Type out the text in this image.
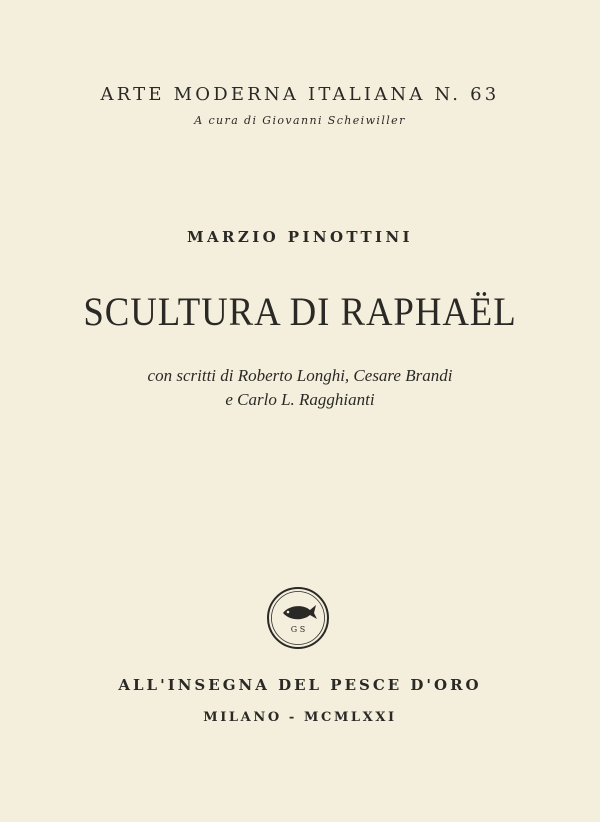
ARTE MODERNA ITALIANA N. 63
A cura di Giovanni Scheiwiller
MARZIO PINOTTINI
SCULTURA DI RAPHAËL
con scritti di Roberto Longhi, Cesare Brandi
e Carlo L. Ragghianti
G S
ALL'INSEGNA DEL PESCE D'ORO
MILANO - MCMLXXI
